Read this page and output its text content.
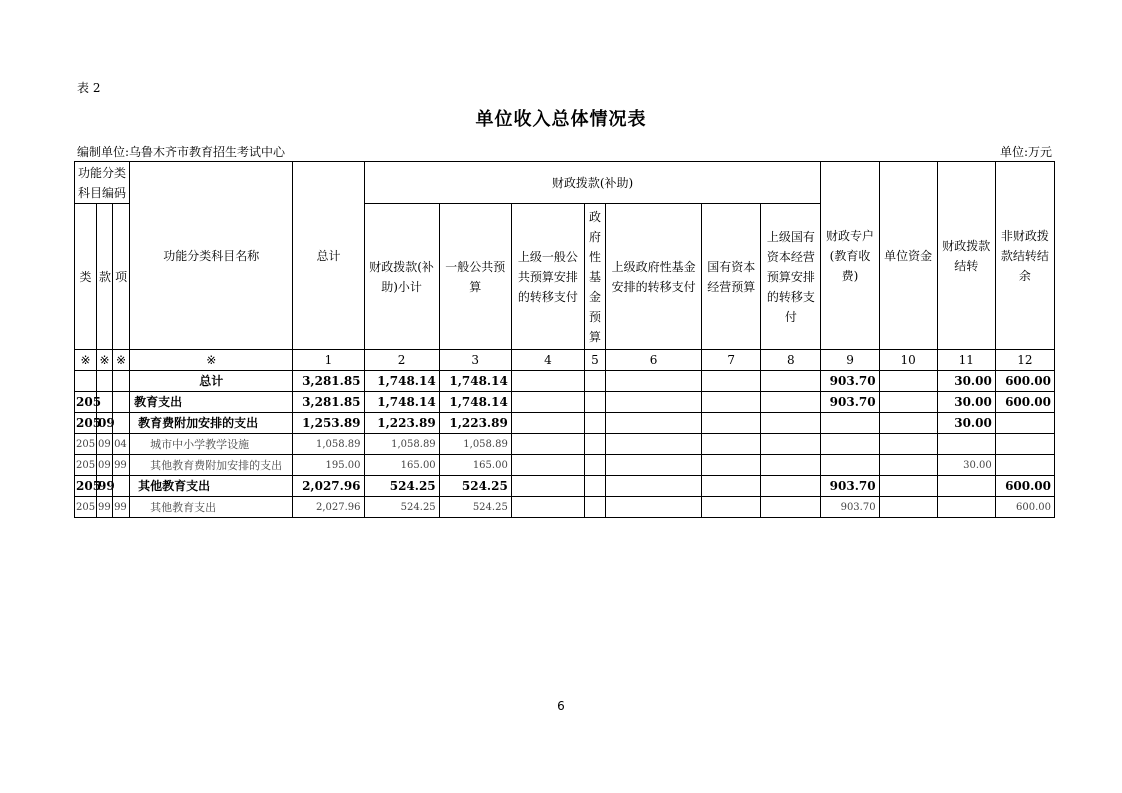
表 2
单位收入总体情况表
编制单位:乌鲁木齐市教育招生考试中心	单位:万元
功能分类科目编码			功能分类科目名称	总计	财政拨款(补助)							财政专户(教育收费)	单位资金	财政拨款结转	非财政拨款结转结余
类	款	项			财政拨款(补助)小计	一般公共预算	上级一般公共预算安排的转移支付	政府性基金预算	上级政府性基金安排的转移支付	国有资本经营预算	上级国有资本经营预算安排的转移支付				
※	※	※	※	1	2	3	4	5	6	7	8	9	10	11	12
			总计	3,281.85	1,748.14	1,748.14						903.70		30.00	600.00
205			教育支出	3,281.85	1,748.14	1,748.14						903.70		30.00	600.00
205	09		教育费附加安排的支出	1,253.89	1,223.89	1,223.89								30.00	
205	09	04	城市中小学教学设施	1,058.89	1,058.89	1,058.89									
205	09	99	其他教育费附加安排的支出	195.00	165.00	165.00								30.00	
205	99		其他教育支出	2,027.96	524.25	524.25						903.70			600.00
205	99	99	其他教育支出	2,027.96	524.25	524.25						903.70			600.00
6
